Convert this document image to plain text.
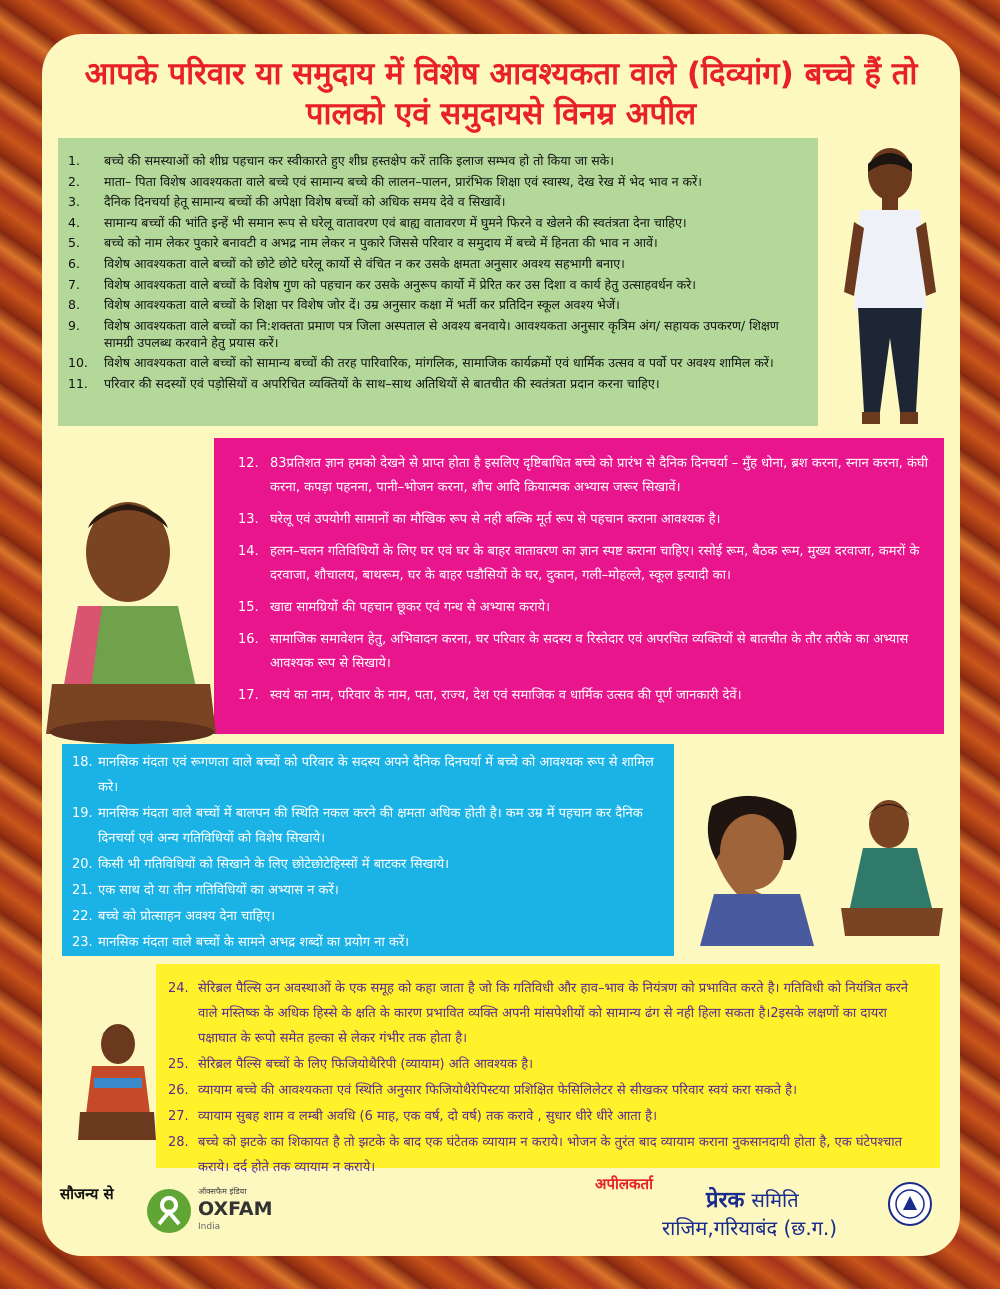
आपके परिवार या समुदाय में विशेष आवश्यकता वाले (दिव्यांग) बच्चे हैं तो
पालको एवं समुदायसे विनम्र अपील
1.	बच्चे की समस्याओं को शीघ्र पहचान कर स्वीकारते हुए शीघ्र हस्तक्षेप करें ताकि इलाज सम्भव हो तो किया जा सके।
2.	माता– पिता विशेष आवश्यकता वाले बच्चे एवं सामान्य बच्चे की लालन–पालन, प्रारंभिक शिक्षा एवं स्वास्थ, देख रेख में भेद भाव न करें।
3.	दैनिक दिनचर्या हेतू सामान्य बच्चों की अपेक्षा विशेष बच्चों को अधिक समय देवे व सिखावें।
4.	सामान्य बच्चों की भांति इन्हें भी समान रूप से घरेलू वातावरण एवं बाह्य वातावरण में घुमने फिरने व खेलने की स्वतंत्रता देना चाहिए।
5.	बच्चे को नाम लेकर पुकारे बनावटी व अभद्र नाम लेकर न पुकारे जिससे परिवार व समुदाय में बच्चे में हिनता की भाव न आवें।
6.	विशेष आवश्यकता वाले बच्चों को छोटे छोटे घरेलू कार्यो से वंचित न कर उसके क्षमता अनुसार अवश्य सहभागी बनाए।
7.	विशेष आवश्यकता वाले बच्चों के विशेष गुण को पहचान कर उसके अनुरूप कार्यो में प्रेरित कर उस दिशा व कार्य हेतु उत्साहवर्धन करे।
8.	विशेष आवश्यकता वाले बच्चों के शिक्षा पर विशेष जोर दें। उम्र अनुसार कक्षा में भर्ती कर प्रतिदिन स्कूल अवश्य भेजें।
9.	विशेष आवश्यकता वाले बच्चों का नि:शक्तता प्रमाण पत्र जिला अस्पताल से अवश्य बनवाये। आवश्यकता अनुसार कृत्रिम अंग/ सहायक उपकरण/ शिक्षण सामग्री उपलब्ध करवाने हेतु प्रयास करें।
10.	विशेष आवश्यकता वाले बच्चों को सामान्य बच्चों की तरह पारिवारिक, मांगलिक, सामाजिक कार्यक्रमों एवं धार्मिक उत्सव व पर्वो पर अवश्य शामिल करें।
11.	परिवार की सदस्यों एवं पड़ोसियों व अपरिचित व्यक्तियों के साथ–साथ अतिथियों से बातचीत की स्वतंत्रता प्रदान करना चाहिए।
12. 83प्रतिशत ज्ञान हमको देखने से प्राप्त होता है इसलिए दृष्टिबाधित बच्चे को प्रारंभ से दैनिक दिनचर्या – मुँह धोना, ब्रश करना, स्नान करना, कंघी करना, कपड़ा पहनना, पानी–भोजन करना, शौच आदि क्रियात्मक अभ्यास जरूर सिखावें।
13. घरेलू एवं उपयोगी सामानों का मौखिक रूप से नही बल्कि मूर्त रूप से पहचान कराना आवश्यक है।
14. हलन–चलन गतिविधियों के लिए घर एवं घर के बाहर वातावरण का ज्ञान स्पष्ट कराना चाहिए। रसोई रूम, बैठक रूम, मुख्य दरवाजा, कमरों के दरवाजा, शौचालय, बाथरूम, घर के बाहर पडौसियों के घर, दुकान, गली–मोहल्ले, स्कूल इत्यादी का।
15. खाद्य सामग्रियों की पहचान छूकर एवं गन्ध से अभ्यास कराये।
16. सामाजिक समावेशन हेतु, अभिवादन करना, घर परिवार के सदस्य व रिस्तेदार एवं अपरचित व्यक्तियों से बातचीत के तौर तरीके का अभ्यास आवश्यक रूप से सिखाये।
17. स्वयं का नाम, परिवार के नाम, पता, राज्य, देश एवं समाजिक व धार्मिक उत्सव की पूर्ण जानकारी देवें।
18. मानसिक मंदता एवं रूगणता वाले बच्चों को परिवार के सदस्य अपने दैनिक दिनचर्या में बच्चे को आवश्यक रूप से शामिल करे।
19. मानसिक मंदता वाले बच्चों में बालपन की स्थिति नकल करने की क्षमता अधिक होती है। कम उम्र में पहचान कर दैनिक दिनचर्या एवं अन्य गतिविधियों को विशेष सिखाये।
20. किसी भी गतिविधियों को सिखाने के लिए छोटेछोटेहिस्सों में बाटकर सिखाये।
21. एक साथ दो या तीन गतिविधियों का अभ्यास न करें।
22. बच्चे को प्रोत्साहन अवश्य देना चाहिए।
23. मानसिक मंदता वाले बच्चों के सामने अभद्र शब्दों का प्रयोग ना करें।
24. सेरिब्रल पैल्सि उन अवस्थाओं के एक समूह को कहा जाता है जो कि गतिविधी और हाव–भाव के नियंत्रण को प्रभावित करते है। गतिविधी को नियंत्रित करने वाले मस्तिष्क के अधिक हिस्से के क्षति के कारण प्रभावित व्यक्ति अपनी मांसपेशीयों को सामान्य ढंग से नही हिला सकता है।2इसके लक्षणों का दायरा पक्षाघात के रूपो समेत हल्का से लेकर गंभीर तक होता है।
25. सेरिब्रल पैल्सि बच्चों के लिए फिजियोथैरिपी (व्यायाम) अति आवश्यक है।
26. व्यायाम बच्चे की आवश्यकता एवं स्थिति अनुसार फिजियोथैरेपिस्टया प्रशिक्षित फेसिलिलेटर से सीखकर परिवार स्वयं करा सकते है।
27. व्यायाम सुबह शाम व लम्बी अवधि (6 माह, एक वर्ष, दो वर्ष) तक करावे , सुधार धीरे धीरे आता है।
28. बच्चे को झटके का शिकायत है तो झटके के बाद एक घंटेतक व्यायाम न कराये। भोजन के तुरंत बाद व्यायाम कराना नुकसानदायी होता है, एक घंटेपश्चात कराये। दर्द होते तक व्यायाम न कराये।
सौजन्य से	ऑक्सफैम इंडिया
OXFAM
India
अपीलकर्ता
प्रेरक समिति
राजिम,गरियाबंद (छ.ग.)
